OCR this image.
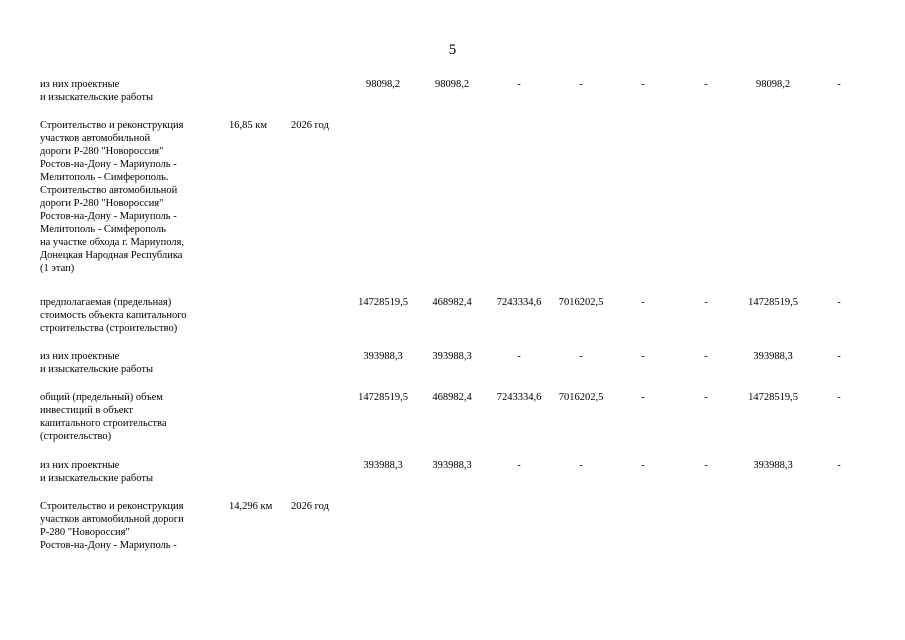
5
из них проектные
и изыскательские работы
98098,2	98098,2	-	-	-	-	98098,2	-
Строительство и реконструкция
участков автомобильной
дороги Р-280 "Новороссия"
Ростов-на-Дону - Мариуполь -
Мелитополь - Симферополь.
Строительство автомобильной
дороги Р-280 "Новороссия"
Ростов-на-Дону - Мариуполь -
Мелитополь - Симферополь
на участке обхода г. Мариуполя,
Донецкая Народная Республика
(1 этап)
16,85 км 2026 год
предполагаемая (предельная)
стоимость объекта капитального
строительства (строительство)
14728519,5	468982,4	7243334,6	7016202,5	-	-	14728519,5	-
из них проектные
и изыскательские работы
393988,3	393988,3	-	-	-	-	393988,3	-
общий (предельный) объем
инвестиций в объект
капитального строительства
(строительство)
14728519,5	468982,4	7243334,6	7016202,5	-	-	14728519,5	-
из них проектные
и изыскательские работы
393988,3	393988,3	-	-	-	-	393988,3	-
Строительство и реконструкция
участков автомобильной дороги
Р-280 "Новороссия"
Ростов-на-Дону - Мариуполь -
14,296 км 2026 год
